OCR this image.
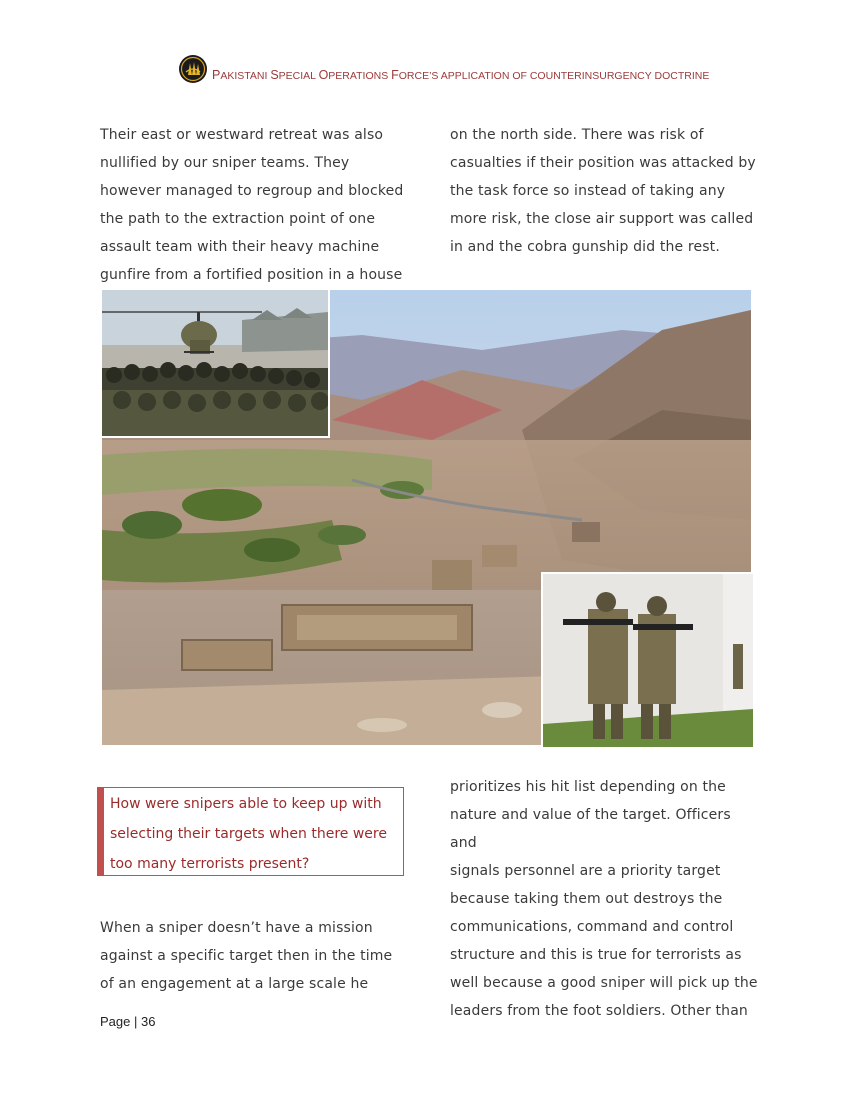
PAKISTANI SPECIAL OPERATIONS FORCE’S APPLICATION OF COUNTERINSURGENCY DOCTRINE

Their east or westward retreat was also
nullified by our sniper teams. They
however managed to regroup and blocked
the path to the extraction point of one
assault team with their heavy machine
gunfire from a fortified position in a house

on the north side. There was risk of
casualties if their position was attacked by
the task force so instead of taking any
more risk, the close air support was called
in and the cobra gunship did the rest.

How were snipers able to keep up with
selecting their targets when there were
too many terrorists present?

When a sniper doesn’t have a mission
against a specific target then in the time
of an engagement at a large scale he

prioritizes his hit list depending on the
nature and value of the target. Officers and
signals personnel are a priority target
because taking them out destroys the
communications, command and control
structure and this is true for terrorists as
well because a good sniper will pick up the
leaders from the foot soldiers. Other than

Page | 36
